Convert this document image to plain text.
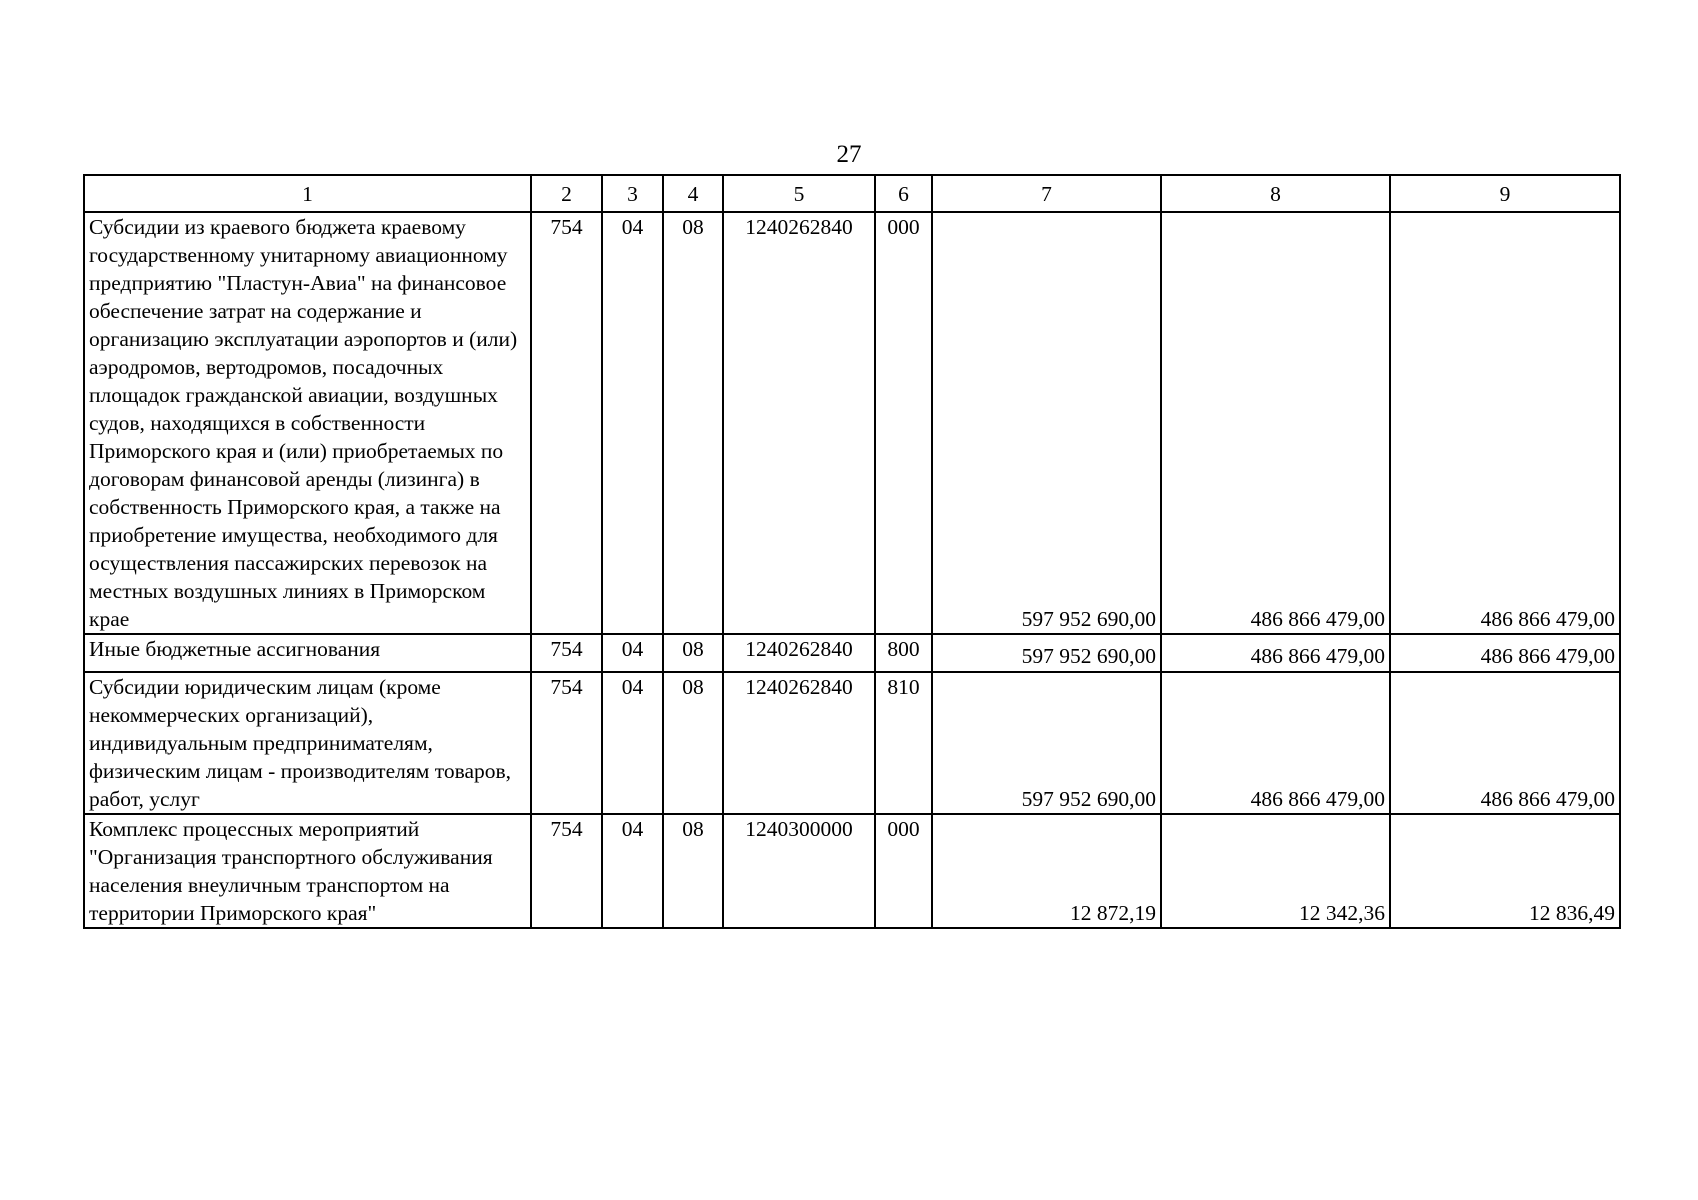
27
1	2	3	4	5	6	7	8	9
Субсидии из краевого бюджета краевому государственному унитарному авиационному предприятию "Пластун-Авиа" на финансовое обеспечение затрат на содержание и организацию эксплуатации аэропортов и (или) аэродромов, вертодромов, посадочных площадок гражданской авиации, воздушных судов, находящихся в собственности Приморского края и (или) приобретаемых по договорам финансовой аренды (лизинга) в собственность Приморского края, а также на приобретение имущества, необходимого для осуществления пассажирских перевозок на местных воздушных линиях в Приморском крае	754	04	08	1240262840	000	597 952 690,00	486 866 479,00	486 866 479,00
Иные бюджетные ассигнования	754	04	08	1240262840	800	597 952 690,00	486 866 479,00	486 866 479,00
Субсидии юридическим лицам (кроме некоммерческих организаций), индивидуальным предпринимателям, физическим лицам - производителям товаров, работ, услуг	754	04	08	1240262840	810	597 952 690,00	486 866 479,00	486 866 479,00
Комплекс процессных мероприятий "Организация транспортного обслуживания населения внеуличным транспортом на территории Приморского края"	754	04	08	1240300000	000	12 872,19	12 342,36	12 836,49
